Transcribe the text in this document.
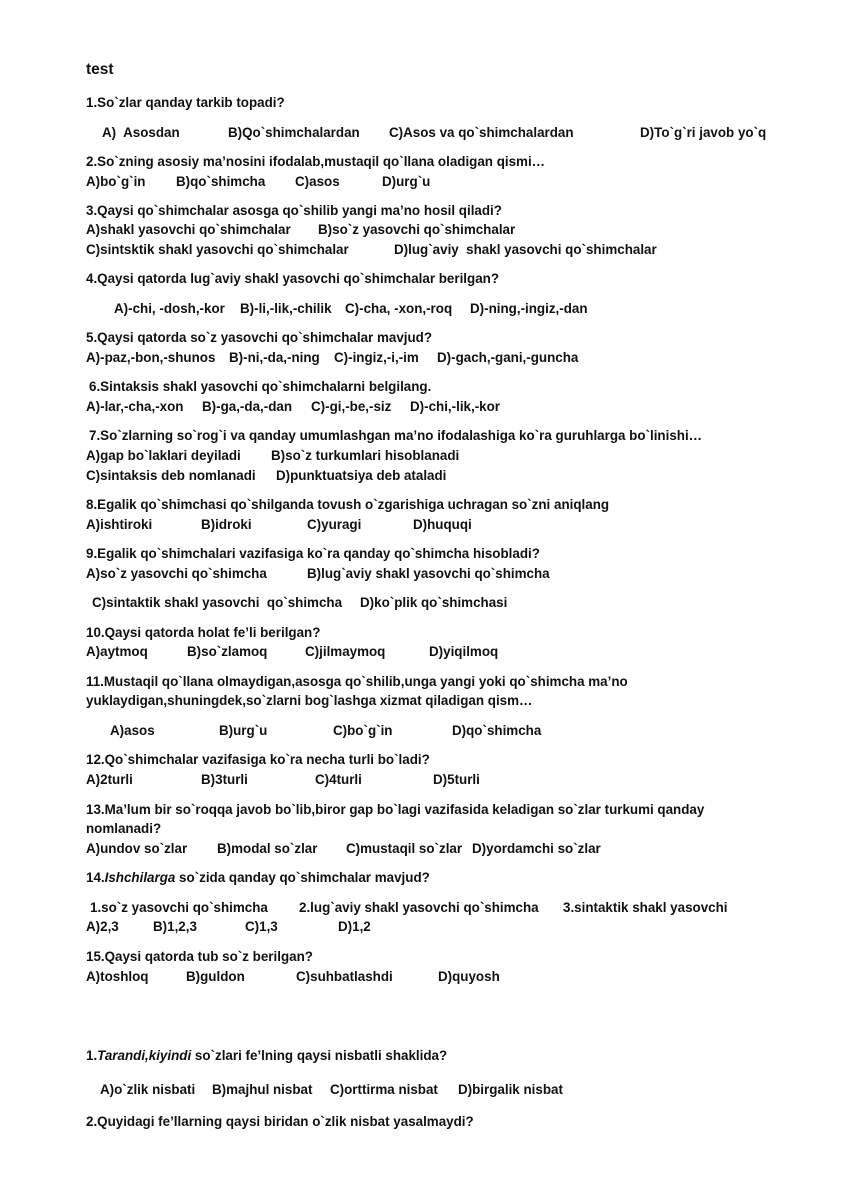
test
1.So`zlar qanday tarkib topadi?
A)  Asosdan	B)Qo`shimchalardan C)Asos va qo`shimchalardan	D)To`g`ri javob yo`q
2.So`zning asosiy ma’nosini ifodalab,mustaqil qo`llana oladigan qismi…
A)bo`g`in B)qo`shimcha C)asos	D)urg`u
3.Qaysi qo`shimchalar asosga qo`shilib yangi ma’no hosil qiladi?
A)shakl yasovchi qo`shimchalar B)so`z yasovchi qo`shimchalar
C)sintsktik shakl yasovchi qo`shimchalar	D)lug`aviy  shakl yasovchi qo`shimchalar
4.Qaysi qatorda lug`aviy shakl yasovchi qo`shimchalar berilgan?
A)-chi, -dosh,-kor B)-li,-lik,-chilik C)-cha, -xon,-roq D)-ning,-ingiz,-dan
5.Qaysi qatorda so`z yasovchi qo`shimchalar mavjud?
A)-paz,-bon,-shunos B)-ni,-da,-ning C)-ingiz,-i,-im D)-gach,-gani,-guncha
6.Sintaksis shakl yasovchi qo`shimchalarni belgilang.
A)-lar,-cha,-xon B)-ga,-da,-dan C)-gi,-be,-siz D)-chi,-lik,-kor
7.So`zlarning so`rog`i va qanday umumlashgan ma’no ifodalashiga ko`ra guruhlarga bo`linishi…
A)gap bo`laklari deyiladi B)so`z turkumlari hisoblanadi
C)sintaksis deb nomlanadi D)punktuatsiya deb ataladi
8.Egalik qo`shimchasi qo`shilganda tovush o`zgarishiga uchragan so`zni aniqlang
A)ishtiroki	B)idroki	C)yuragi	D)huquqi
9.Egalik qo`shimchalari vazifasiga ko`ra qanday qo`shimcha hisobladi?
A)so`z yasovchi qo`shimcha	B)lug`aviy shakl yasovchi qo`shimcha
C)sintaktik shakl yasovchi  qo`shimcha D)ko`plik qo`shimchasi
10.Qaysi qatorda holat fe’li berilgan?
A)aytmoq	B)so`zlamoq	C)jilmaymoq	D)yiqilmoq
11.Mustaqil qo`llana olmaydigan,asosga qo`shilib,unga yangi yoki qo`shimcha ma’no
yuklaydigan,shuningdek,so`zlarni bog`lashga xizmat qiladigan qism…
A)asos	B)urg`u	C)bo`g`in	D)qo`shimcha
12.Qo`shimchalar vazifasiga ko`ra necha turli bo`ladi?
A)2turli	B)3turli	C)4turli	D)5turli
13.Ma’lum bir so`roqqa javob bo`lib,biror gap bo`lagi vazifasida keladigan so`zlar turkumi qanday
nomlanadi?
A)undov so`zlar B)modal so`zlar C)mustaqil so`zlar D)yordamchi so`zlar
14.Ishchilarga so`zida qanday qo`shimchalar mavjud?
1.so`z yasovchi qo`shimcha 2.lug`aviy shakl yasovchi qo`shimcha 3.sintaktik shakl yasovchi
A)2,3	B)1,2,3	C)1,3	D)1,2
15.Qaysi qatorda tub so`z berilgan?
A)toshloq	B)guldon	C)suhbatlashdi	D)quyosh
1.Tarandi,kiyindi so`zlari fe’lning qaysi nisbatli shaklida?
A)o`zlik nisbati B)majhul nisbat C)orttirma nisbat D)birgalik nisbat
2.Quyidagi fe’llarning qaysi biridan o`zlik nisbat yasalmaydi?
